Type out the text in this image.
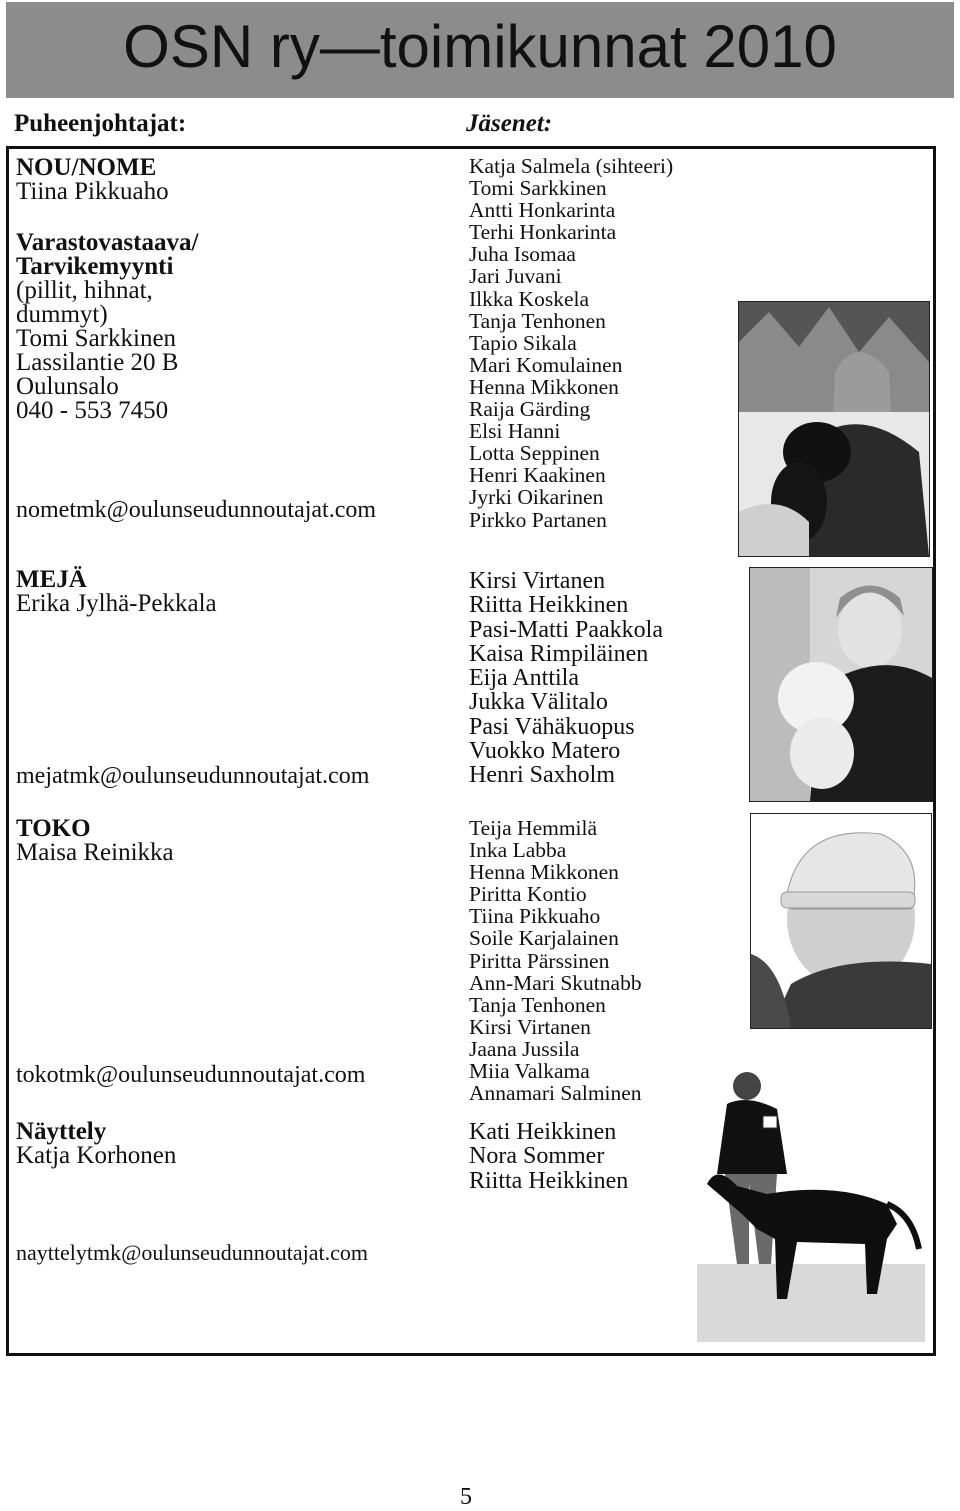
OSN ry—toimikunnat 2010
Puheenjohtajat:	Jäsenet:
NOU/NOME
Tiina Pikkuaho
Varastovastaava/
Tarvikemyynti
(pillit, hihnat,
dummyt)
Tomi Sarkkinen
Lassilantie 20 B
Oulunsalo
040 - 553 7450
nometmk@oulunseudunnoutajat.com
Katja Salmela (sihteeri)
Tomi Sarkkinen
Antti Honkarinta
Terhi Honkarinta
Juha Isomaa
Jari Juvani
Ilkka Koskela
Tanja Tenhonen
Tapio Sikala
Mari Komulainen
Henna Mikkonen
Raija Gärding
Elsi Hanni
Lotta Seppinen
Henri Kaakinen
Jyrki Oikarinen
Pirkko Partanen
MEJÄ
Erika Jylhä-Pekkala
mejatmk@oulunseudunnoutajat.com
Kirsi Virtanen
Riitta Heikkinen
Pasi-Matti Paakkola
Kaisa Rimpiläinen
Eija Anttila
Jukka Välitalo
Pasi Vähäkuopus
Vuokko Matero
Henri Saxholm
TOKO
Maisa Reinikka
tokotmk@oulunseudunnoutajat.com
Teija Hemmilä
Inka Labba
Henna Mikkonen
Piritta Kontio
Tiina Pikkuaho
Soile Karjalainen
Piritta Pärssinen
Ann-Mari Skutnabb
Tanja Tenhonen
Kirsi Virtanen
Jaana Jussila
Miia Valkama
Annamari Salminen
Näyttely
Katja Korhonen
nayttelytmk@oulunseudunnoutajat.com
Kati Heikkinen
Nora Sommer
Riitta Heikkinen
5
